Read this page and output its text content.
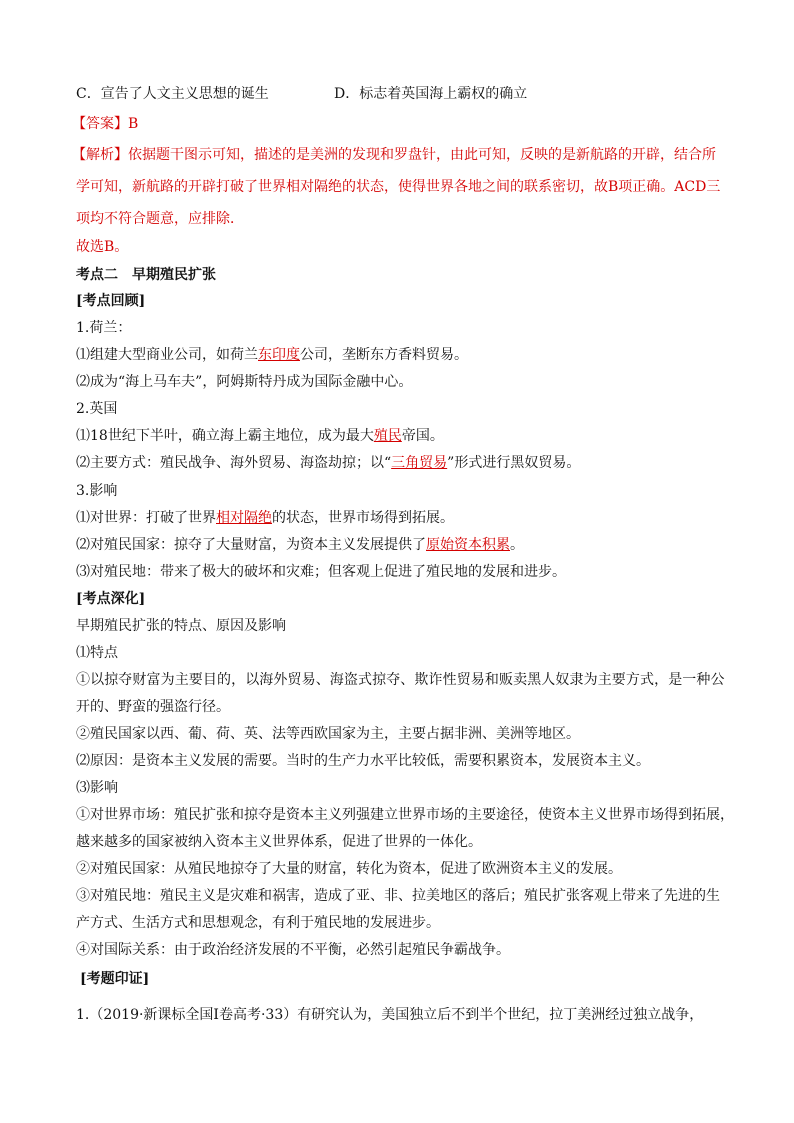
C．宣告了人文主义思想的诞生	D．标志着英国海上霸权的确立
【答案】B
【解析】依据题干图示可知，描述的是美洲的发现和罗盘针，由此可知，反映的是新航路的开辟，结合所
学可知，新航路的开辟打破了世界相对隔绝的状态，使得世界各地之间的联系密切，故B项正确。ACD三
项均不符合题意，应排除．
故选B。
考点二　早期殖民扩张
[考点回顾]
1.荷兰：
⑴组建大型商业公司，如荷兰东印度公司，垄断东方香料贸易。
⑵成为“海上马车夫”，阿姆斯特丹成为国际金融中心。
2.英国
⑴18世纪下半叶，确立海上霸主地位，成为最大殖民帝国。
⑵主要方式：殖民战争、海外贸易、海盗劫掠；以“三角贸易”形式进行黑奴贸易。
3.影响
⑴对世界：打破了世界相对隔绝的状态，世界市场得到拓展。
⑵对殖民国家：掠夺了大量财富，为资本主义发展提供了原始资本积累。
⑶对殖民地：带来了极大的破坏和灾难；但客观上促进了殖民地的发展和进步。
[考点深化]
早期殖民扩张的特点、原因及影响
⑴特点
①以掠夺财富为主要目的，以海外贸易、海盗式掠夺、欺诈性贸易和贩卖黑人奴隶为主要方式，是一种公
开的、野蛮的强盗行径。
②殖民国家以西、葡、荷、英、法等西欧国家为主，主要占据非洲、美洲等地区。
⑵原因：是资本主义发展的需要。当时的生产力水平比较低，需要积累资本，发展资本主义。
⑶影响
①对世界市场：殖民扩张和掠夺是资本主义列强建立世界市场的主要途径，使资本主义世界市场得到拓展，
越来越多的国家被纳入资本主义世界体系，促进了世界的一体化。
②对殖民国家：从殖民地掠夺了大量的财富，转化为资本，促进了欧洲资本主义的发展。
③对殖民地：殖民主义是灾难和祸害，造成了亚、非、拉美地区的落后；殖民扩张客观上带来了先进的生
产方式、生活方式和思想观念，有利于殖民地的发展进步。
④对国际关系：由于政治经济发展的不平衡，必然引起殖民争霸战争。
[考题印证]
1.（2019·新课标全国Ⅰ卷高考·33）有研究认为，美国独立后不到半个世纪，拉丁美洲经过独立战争，
